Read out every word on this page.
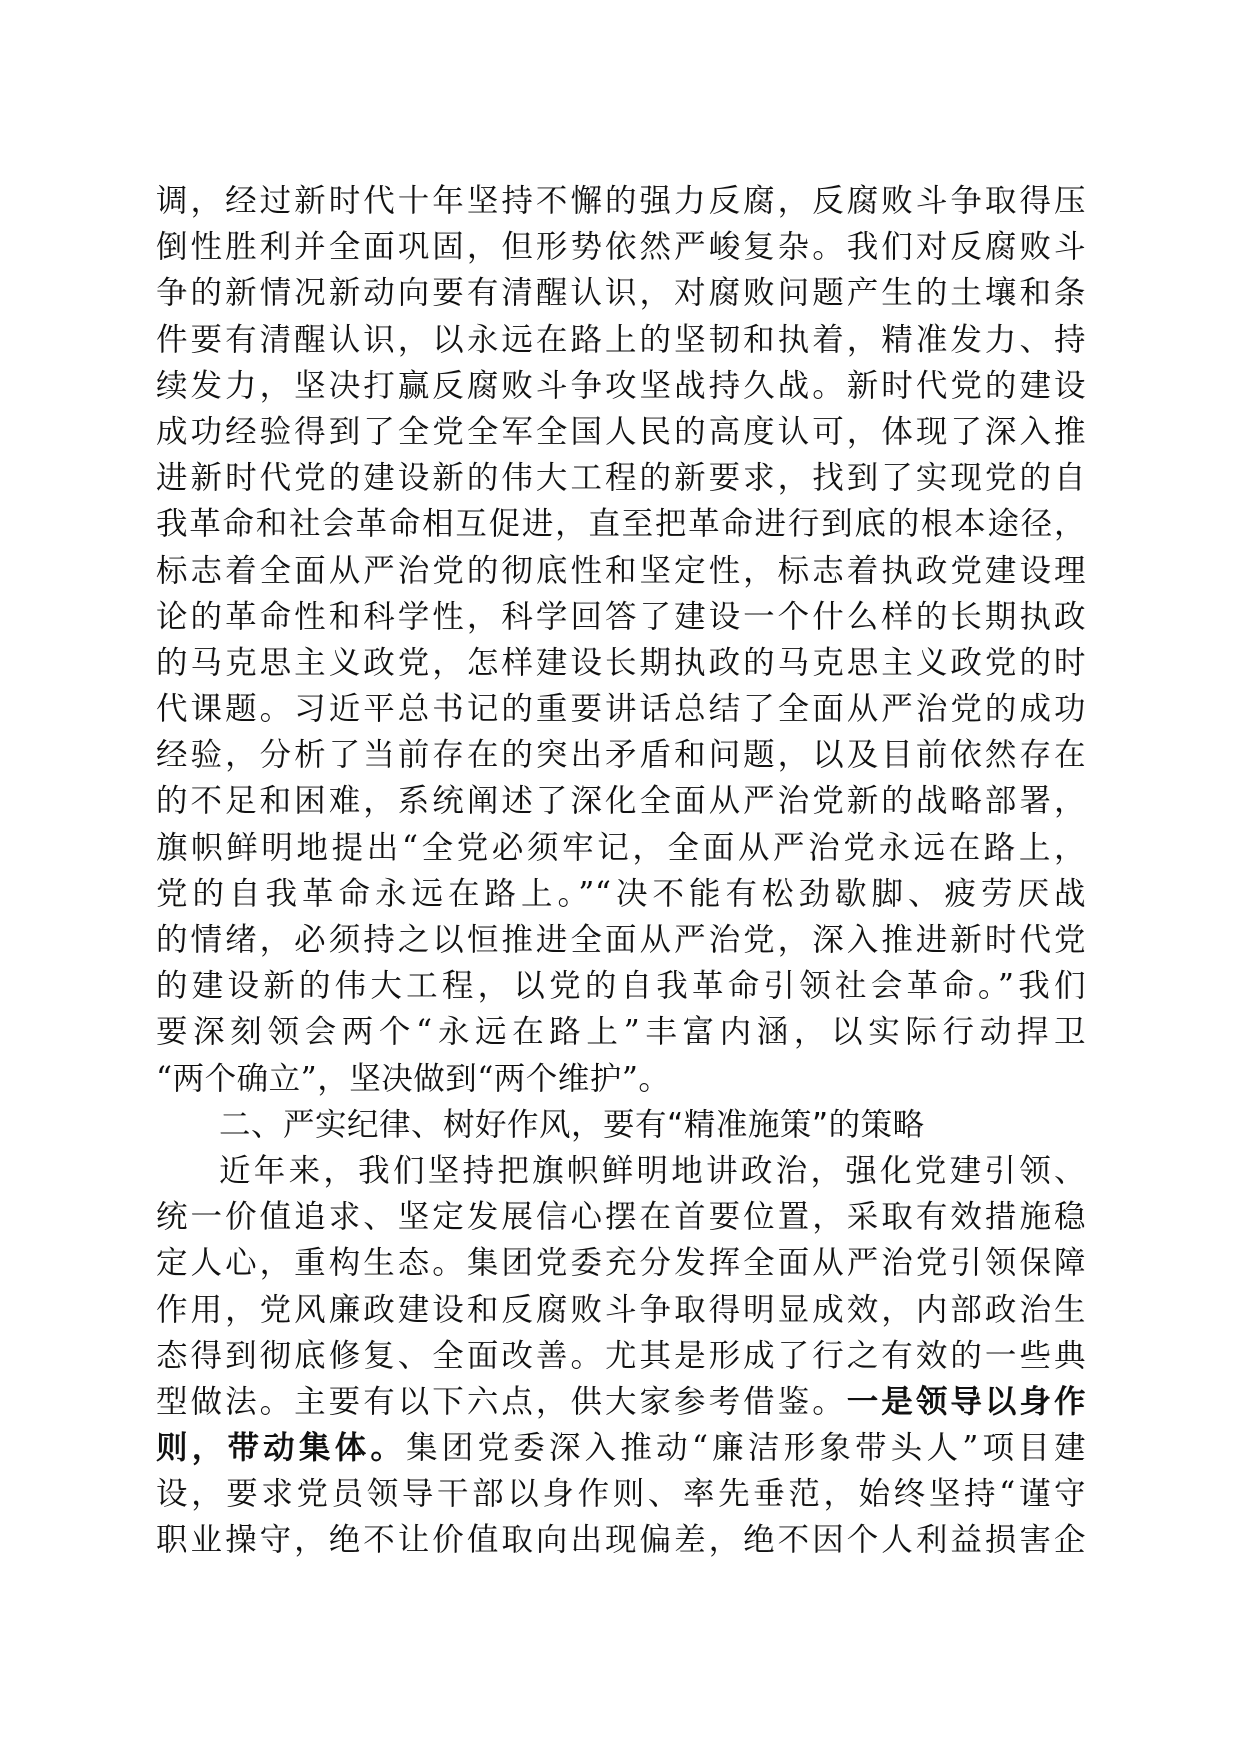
调，经过新时代十年坚持不懈的强力反腐，反腐败斗争取得压
倒性胜利并全面巩固，但形势依然严峻复杂。我们对反腐败斗
争的新情况新动向要有清醒认识，对腐败问题产生的土壤和条
件要有清醒认识，以永远在路上的坚韧和执着，精准发力、持
续发力，坚决打赢反腐败斗争攻坚战持久战。新时代党的建设
成功经验得到了全党全军全国人民的高度认可，体现了深入推
进新时代党的建设新的伟大工程的新要求，找到了实现党的自
我革命和社会革命相互促进，直至把革命进行到底的根本途径，
标志着全面从严治党的彻底性和坚定性，标志着执政党建设理
论的革命性和科学性，科学回答了建设一个什么样的长期执政
的马克思主义政党，怎样建设长期执政的马克思主义政党的时
代课题。习近平总书记的重要讲话总结了全面从严治党的成功
经验，分析了当前存在的突出矛盾和问题，以及目前依然存在
的不足和困难，系统阐述了深化全面从严治党新的战略部署，
旗帜鲜明地提出“全党必须牢记，全面从严治党永远在路上，
党的自我革命永远在路上。”“决不能有松劲歇脚、疲劳厌战
的情绪，必须持之以恒推进全面从严治党，深入推进新时代党
的建设新的伟大工程，以党的自我革命引领社会革命。”我们
要深刻领会两个“永远在路上”丰富内涵，以实际行动捍卫
“两个确立”，坚决做到“两个维护”。
二、严实纪律、树好作风，要有“精准施策”的策略
近年来，我们坚持把旗帜鲜明地讲政治，强化党建引领、
统一价值追求、坚定发展信心摆在首要位置，采取有效措施稳
定人心，重构生态。集团党委充分发挥全面从严治党引领保障
作用，党风廉政建设和反腐败斗争取得明显成效，内部政治生
态得到彻底修复、全面改善。尤其是形成了行之有效的一些典
型做法。主要有以下六点，供大家参考借鉴。一是领导以身作
则，带动集体。集团党委深入推动“廉洁形象带头人”项目建
设，要求党员领导干部以身作则、率先垂范，始终坚持“谨守
职业操守，绝不让价值取向出现偏差，绝不因个人利益损害企
